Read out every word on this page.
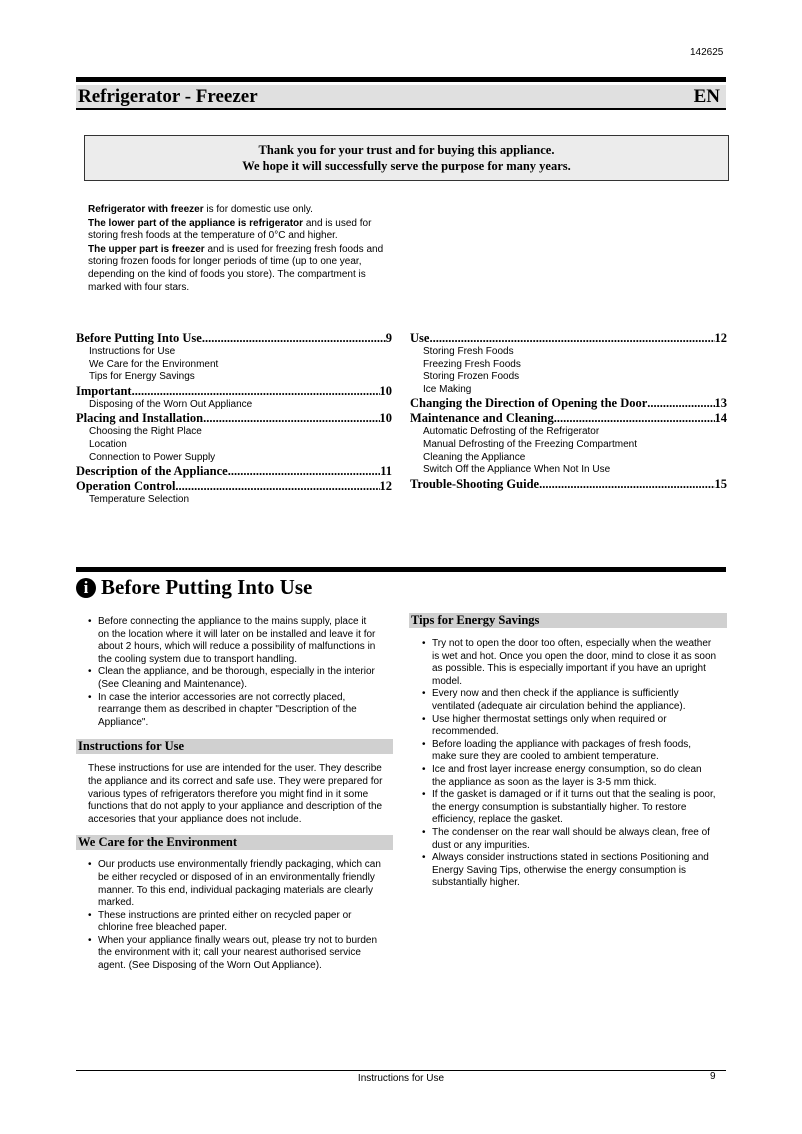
142625
Refrigerator - Freezer	EN
Thank you for your trust and for buying this appliance.
We hope it will successfully serve the purpose for many years.

Refrigerator with freezer is for domestic use only.

The lower part of the appliance is refrigerator and is used for storing fresh foods at the temperature of 0°C and higher.

The upper part is freezer and is used for freezing fresh foods and storing frozen foods for longer periods of time (up to one year, depending on the kind of foods you store). The compartment is marked with four stars.

Before Putting Into Use .....	9
Instructions for Use
We Care for the Environment
Tips for Energy Savings
Important .....	10
Disposing of the Worn Out Appliance
Placing and Installation .....	10
Choosing the Right Place
Location
Connection to Power Supply
Description of the Appliance .....	11
Operation Control .....	12
Temperature Selection
Use .....	12
Storing Fresh Foods
Freezing Fresh Foods
Storing Frozen Foods
Ice Making
Changing the Direction of Opening the Door .....	13
Maintenance and Cleaning .....	14
Automatic Defrosting of the Refrigerator
Manual Defrosting of the Freezing Compartment
Cleaning the Appliance
Switch Off the Appliance When Not In Use
Trouble-Shooting Guide .....	15
i Before Putting Into Use
• Before connecting the appliance to the mains supply, place it on the location where it will later on be installed and leave it for about 2 hours, which will reduce a possibility of malfunctions in the cooling system due to transport handling.
• Clean the appliance, and be thorough, especially in the interior (See Cleaning and Maintenance).
• In case the interior accessories are not correctly placed, rearrange them as described in chapter "Description of the Appliance".
Instructions for Use
These instructions for use are intended for the user. They describe the appliance and its correct and safe use. They were prepared for various types of refrigerators therefore you might find in it some functions that do not apply to your appliance and description of the accesories that your appliance does not include.
We Care for the Environment
• Our products use environmentally friendly packaging, which can be either recycled or disposed of in an environmentally friendly manner. To this end, individual packaging materials are clearly marked.
• These instructions are printed either on recycled paper or chlorine free bleached paper.
• When your appliance finally wears out, please try not to burden the environment with it; call your nearest authorised service agent. (See Disposing of the Worn Out Appliance).
Tips for Energy Savings
• Try not to open the door too often, especially when the weather is wet and hot. Once you open the door, mind to close it as soon as possible. This is especially important if you have an upright model.
• Every now and then check if the appliance is sufficiently ventilated (adequate air circulation behind the appliance).
• Use higher thermostat settings only when required or recommended.
• Before loading the appliance with packages of fresh foods, make sure they are cooled to ambient temperature.
• Ice and frost layer increase energy consumption, so do clean the appliance as soon as the layer is 3-5 mm thick.
• If the gasket is damaged or if it turns out that the sealing is poor, the energy consumption is substantially higher. To restore efficiency, replace the gasket.
• The condenser on the rear wall should be always clean, free of dust or any impurities.
• Always consider instructions stated in sections Positioning and Energy Saving Tips, otherwise the energy consumption is substantially higher.
Instructions for Use	9
